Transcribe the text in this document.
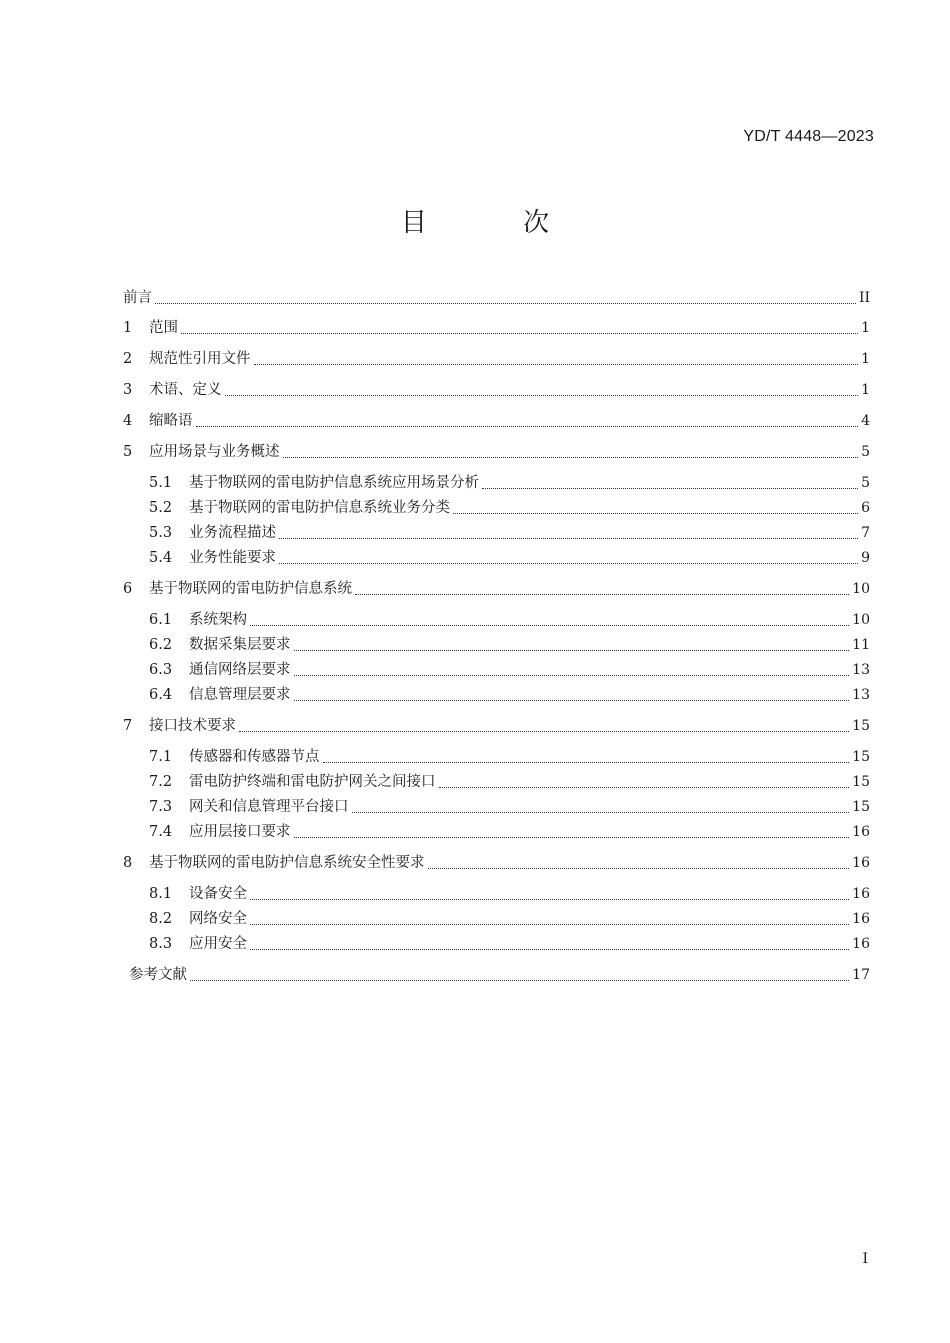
YD/T 4448—2023
目 次
前言	II
1	范围	1
2	规范性引用文件	1
3	术语、定义	1
4	缩略语	4
5	应用场景与业务概述	5
5.1	基于物联网的雷电防护信息系统应用场景分析	5
5.2	基于物联网的雷电防护信息系统业务分类	6
5.3	业务流程描述	7
5.4	业务性能要求	9
6	基于物联网的雷电防护信息系统	10
6.1	系统架构	10
6.2	数据采集层要求	11
6.3	通信网络层要求	13
6.4	信息管理层要求	13
7	接口技术要求	15
7.1	传感器和传感器节点	15
7.2	雷电防护终端和雷电防护网关之间接口	15
7.3	网关和信息管理平台接口	15
7.4	应用层接口要求	16
8	基于物联网的雷电防护信息系统安全性要求	16
8.1	设备安全	16
8.2	网络安全	16
8.3	应用安全	16
参考文献	17
I
